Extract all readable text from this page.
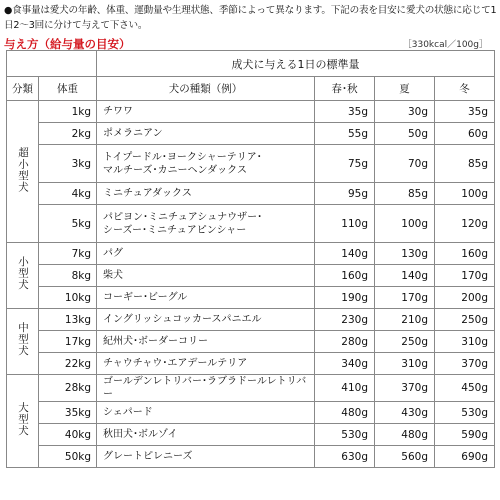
●食事量は愛犬の年齢、体重、運動量や生理状態、季節によって異なります。下記の表を目安に愛犬の状態に応じて1日2〜3回に分けて与えて下さい。
与え方（給与量の目安）	［330kcal／100g］
		成犬に与える1日の標準量			
分類	体重	犬の種類（例）	春･秋	夏	冬
超小型犬	1kg	チワワ	35g	30g	35g
	2kg	ポメラニアン	55g	50g	60g
	3kg	トイプードル･ヨークシャーテリア･
マルチーズ･カニーヘンダックス	75g	70g	85g
	4kg	ミニチュアダックス	95g	85g	100g
	5kg	パピヨン･ミニチュアシュナウザー･
シーズー･ミニチュアピンシャー	110g	100g	120g
小型犬	7kg	パグ	140g	130g	160g
	8kg	柴犬	160g	140g	170g
	10kg	コーギー･ビーグル	190g	170g	200g
中型犬	13kg	イングリッシュコッカースパニエル	230g	210g	250g
	17kg	紀州犬･ボーダーコリー	280g	250g	310g
	22kg	チャウチャウ･エアデールテリア	340g	310g	370g
大型犬	28kg	ゴールデンレトリバー･ラブラドールレトリバー	410g	370g	450g
	35kg	シェパード	480g	430g	530g
	40kg	秋田犬･ボルゾイ	530g	480g	590g
	50kg	グレートピレニーズ	630g	560g	690g
